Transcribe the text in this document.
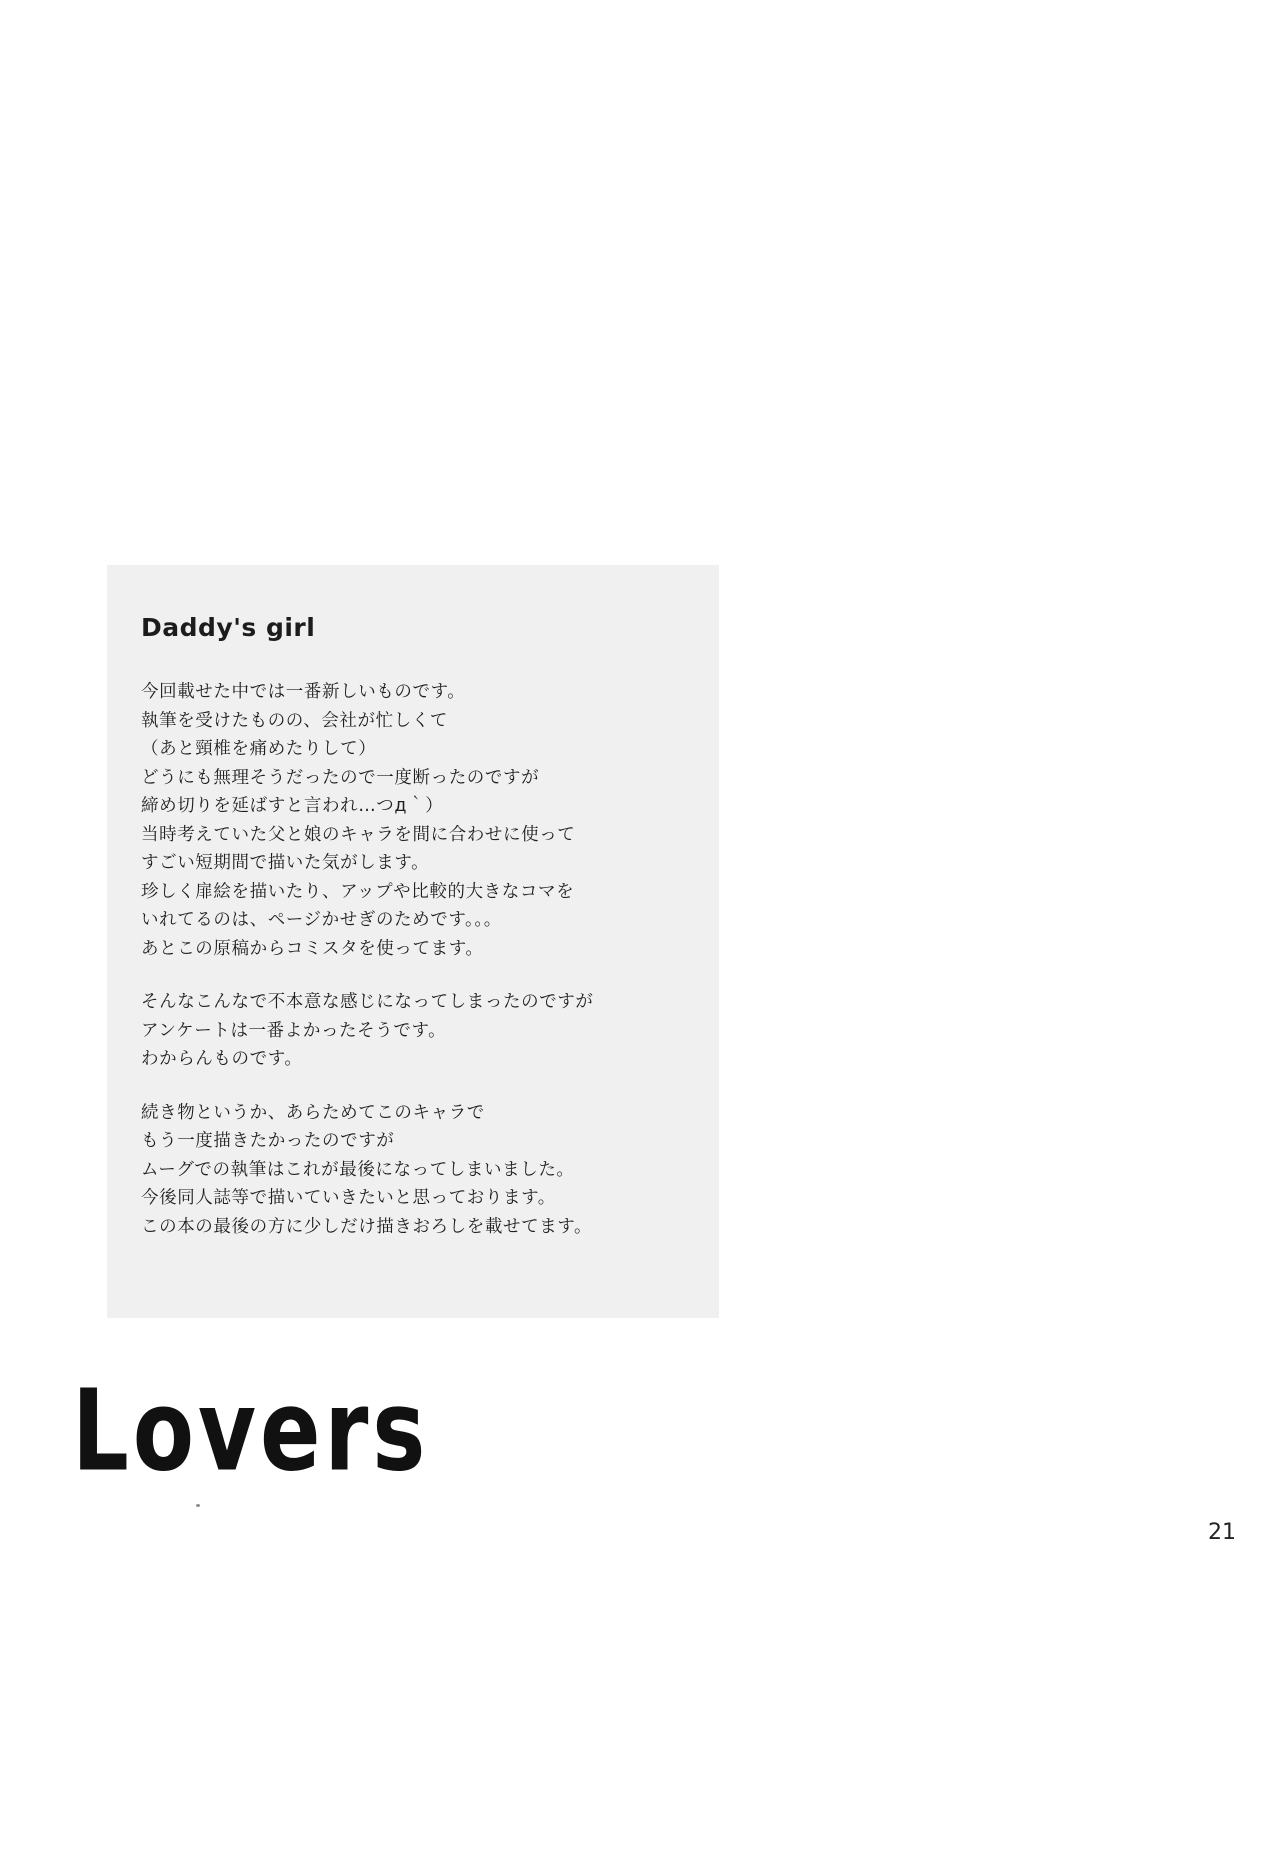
Daddy's girl
今回載せた中では一番新しいものです。
執筆を受けたものの、会社が忙しくて
（あと頸椎を痛めたりして）
どうにも無理そうだったので一度断ったのですが
締め切りを延ばすと言われ…つд｀）
当時考えていた父と娘のキャラを間に合わせに使って
すごい短期間で描いた気がします。
珍しく扉絵を描いたり、アップや比較的大きなコマを
いれてるのは、ページかせぎのためです。。。
あとこの原稿からコミスタを使ってます。
そんなこんなで不本意な感じになってしまったのですが
アンケートは一番よかったそうです。
わからんものです。
続き物というか、あらためてこのキャラで
もう一度描きたかったのですが
ムーグでの執筆はこれが最後になってしまいました。
今後同人誌等で描いていきたいと思っております。
この本の最後の方に少しだけ描きおろしを載せてます。
Lovers
21
